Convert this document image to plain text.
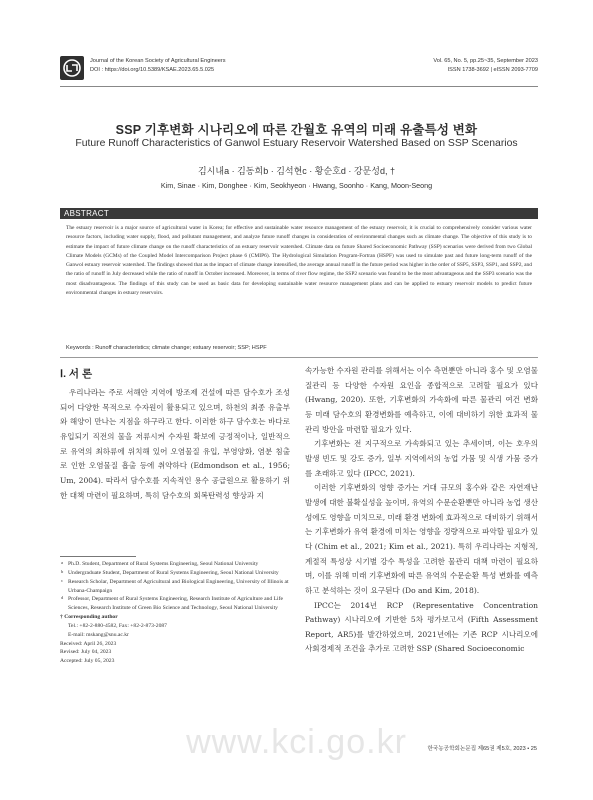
Journal of the Korean Society of Agricultural Engineers
DOI : https://doi.org/10.5389/KSAE.2023.65.5.025
Vol. 65, No. 5, pp.25~35, September 2023
ISSN 1738-3692 | eISSN 2093-7709
SSP 기후변화 시나리오에 따른 간월호 유역의 미래 유출특성 변화
Future Runoff Characteristics of Ganwol Estuary Reservoir Watershed Based on SSP Scenarios
김시내a · 김동희b · 김석현c · 황순호d · 강문성d, †
Kim, Sinae · Kim, Donghee · Kim, Seokhyeon · Hwang, Soonho · Kang, Moon-Seong
ABSTRACT
The estuary reservoir is a major source of agricultural water in Korea; for effective and sustainable water resource management of the estuary reservoir, it is crucial to comprehensively consider various water resource factors, including water supply, flood, and pollutant management, and analyze future runoff changes in consideration of environmental changes such as climate change. The objective of this study is to estimate the impact of future climate change on the runoff characteristics of an estuary reservoir watershed. Climate data on future Shared Socioeconomic Pathway (SSP) scenarios were derived from two Global Climate Models (GCMs) of the Coupled Model Intercomparison Project phase 6 (CMIP6). The Hydrological Simulation Program-Fortran (HSPF) was used to simulate past and future long-term runoff of the Ganwol estuary reservoir watershed. The findings showed that as the impact of climate change intensified, the average annual runoff in the future period was higher in the order of SSP5, SSP3, SSP1, and SSP2, and the ratio of runoff in July decreased while the ratio of runoff in October increased. Moreover, in terms of river flow regime, the SSP2 scenario was found to be the most advantageous and the SSP3 scenario was the most disadvantageous. The findings of this study can be used as basic data for developing sustainable water resource management plans and can be applied to estuary reservoir models to predict future environmental changes in estuary reservoirs.
Keywords : Runoff characteristics; climate change; estuary reservoir; SSP; HSPF
Ⅰ. 서 론

우리나라는 주로 서해안 지역에 방조제 건설에 따른 담수호가 조성되어 다양한 목적으로 수자원이 활용되고 있으며, 하천의 최종 유출부와 해양이 만나는 지점을 하구라고 한다. 이러한 하구 담수호는 바다로 유입되기 직전의 물을 저류시켜 수자원 확보에 긍정적이나, 일반적으로 유역의 최하류에 위치해 있어 오염물질 유입, 부영양화, 염분 침출로 인한 오염물질 흡출 등에 취약하다 (Edmondson et al., 1956; Um, 2004). 따라서 담수호를 지속적인 용수 공급원으로 활용하기 위한 대책 마련이 필요하며, 특히 담수호의 회복탄력성 향상과 지

속가능한 수자원 관리를 위해서는 이수 측면뿐만 아니라 홍수 및 오염물질관리 등 다양한 수자원 요인을 종합적으로 고려할 필요가 있다 (Hwang, 2020). 또한, 기후변화의 가속화에 따른 물관리 여건 변화 등 미래 담수호의 환경변화를 예측하고, 이에 대비하기 위한 효과적 물관리 방안을 마련할 필요가 있다.

기후변화는 전 지구적으로 가속화되고 있는 추세이며, 이는 호우의 발생 빈도 및 강도 증가, 일부 지역에서의 농업 가뭄 및 식생 가뭄 증가를 초래하고 있다 (IPCC, 2021).

이러한 기후변화의 영향 증가는 거대 규모의 홍수와 같은 자연재난 발생에 대한 불확실성을 높이며, 유역의 수문순환뿐만 아니라 농업 생산성에도 영향을 미치므로, 미래 환경 변화에 효과적으로 대비하기 위해서는 기후변화가 유역 환경에 미치는 영향을 정량적으로 파악할 필요가 있다 (Chim et al., 2021; Kim et al., 2021). 특히 우리나라는 지형적, 계절적 특성상 시기별 강수 특성을 고려한 물관리 대책 마련이 필요하며, 이를 위해 미래 기후변화에 따른 유역의 수문순환 특성 변화를 예측하고 분석하는 것이 요구된다 (Do and Kim, 2018).

IPCC는 2014년 RCP (Representative Concentration Pathway) 시나리오에 기반한 5차 평가보고서 (Fifth Assessment Report, AR5)를 발간하였으며, 2021년에는 기존 RCP 시나리오에 사회경제적 조건을 추가로 고려한 SSP (Shared Socioeconomic

a Ph.D. Student, Department of Rural Systems Engineering, Seoul National University
b Undergraduate Student, Department of Rural Systems Engineering, Seoul National University
c Research Scholar, Department of Agricultural and Biological Engineering, University of Illinois at Urbana-Champaign
d Professor, Department of Rural Systems Engineering, Research Institute of Agriculture and Life Sciences, Research Institute of Green Bio Science and Technology, Seoul National University
† Corresponding author
Tel.: +82-2-880-4582, Fax: +82-2-873-2087
E-mail: mskang@snu.ac.kr
Received: April 26, 2023
Revised: July 04, 2023
Accepted: July 05, 2023
www.kci.go.kr	한국농공학회논문집 제65권 제5호, 2023 • 25
